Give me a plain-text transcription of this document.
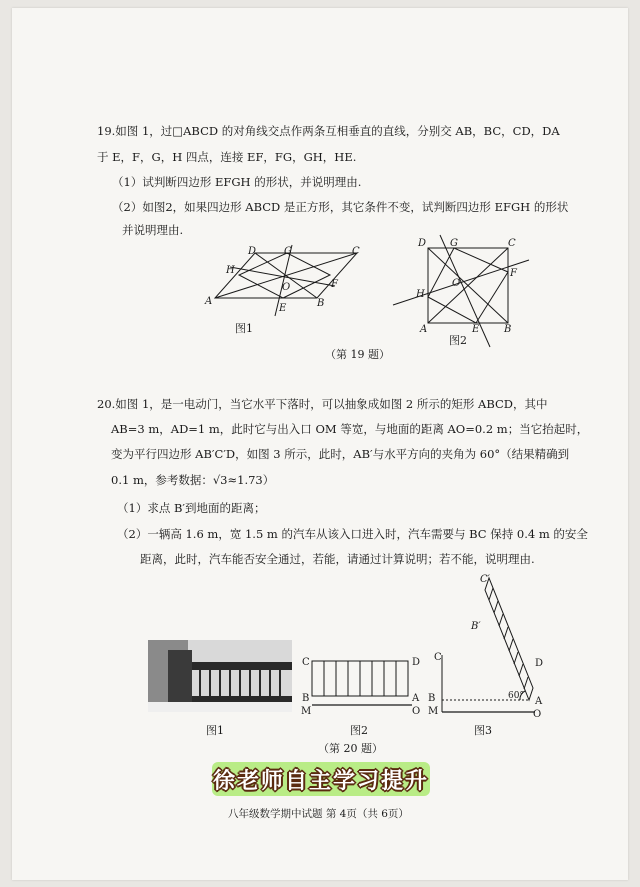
19.如图 1，过□ABCD 的对角线交点作两条互相垂直的直线，分别交 AB，BC，CD，DA
于 E，F，G，H 四点，连接 EF，FG，GH，HE.
（1）试判断四边形 EFGH 的形状，并说明理由.
（2）如图2，如果四边形 ABCD 是正方形，其它条件不变，试判断四边形 EFGH 的形状
并说明理由.
D	G	C
H
O	F
A
E	B
D G	C
F
O
H
A	E B
C	D
B	A
M	O
C
B
M
C′
B′
D
60° A
O
图1
图2
（第 19 题）
20.如图 1，是一电动门，当它水平下落时，可以抽象成如图 2 所示的矩形 ABCD，其中
AB=3 m，AD=1 m，此时它与出入口 OM 等宽，与地面的距离 AO=0.2 m；当它抬起时，
变为平行四边形 AB′C′D，如图 3 所示，此时，AB′与水平方向的夹角为 60°（结果精确到
0.1 m，参考数据：√3≈1.73）
（1）求点 B′到地面的距离；
（2）一辆高 1.6 m，宽 1.5 m 的汽车从该入口进入时，汽车需要与 BC 保持 0.4 m 的安全
距离，此时，汽车能否安全通过，若能，请通过计算说明；若不能，说明理由.
图1	图2	图3
（第 20 题）
徐老师自主学习提升
八年级数学期中试题 第 4页（共 6页）
